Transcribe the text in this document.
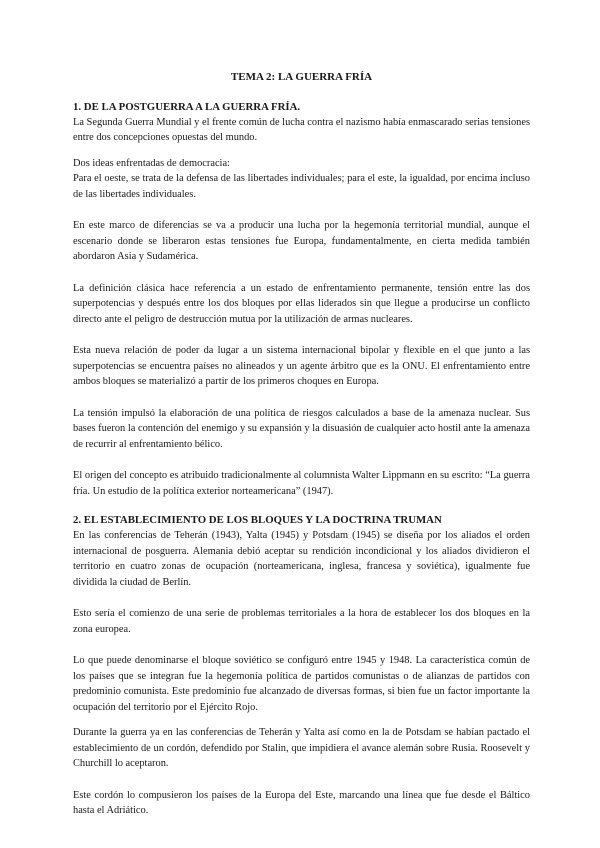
TEMA 2: LA GUERRA FRÍA
1. DE LA POSTGUERRA A LA GUERRA FRÍA.

La Segunda Guerra Mundial y el frente común de lucha contra el nazismo había enmascarado serias tensiones entre dos concepciones opuestas del mundo.

Dos ideas enfrentadas de democracia:

Para el oeste, se trata de la defensa de las libertades individuales; para el este, la igualdad, por encima incluso de las libertades individuales.

En este marco de diferencias se va a producir una lucha por la hegemonía territorial mundial, aunque el escenario donde se liberaron estas tensiones fue Europa, fundamentalmente, en cierta medida también abordaron Asia y Sudamérica.

La definición clásica hace referencia a un estado de enfrentamiento permanente, tensión entre las dos superpotencias y después entre los dos bloques por ellas liderados sin que llegue a producirse un conflicto directo ante el peligro de destrucción mutua por la utilización de armas nucleares.

Esta nueva relación de poder da lugar a un sistema internacional bipolar y flexible en el que junto a las superpotencias se encuentra países no alineados y un agente árbitro que es la ONU. El enfrentamiento entre ambos bloques se materializó a partir de los primeros choques en Europa.

La tensión impulsó la elaboración de una política de riesgos calculados a base de la amenaza nuclear. Sus bases fueron la contención del enemigo y su expansión y la disuasión de cualquier acto hostil ante la amenaza de recurrir al enfrentamiento bélico.

El origen del concepto es atribuido tradicionalmente al columnista Walter Lippmann en su escrito: “La guerra fría. Un estudio de la política exterior norteamericana” (1947).

2. EL ESTABLECIMIENTO DE LOS BLOQUES Y LA DOCTRINA TRUMAN

En las conferencias de Teherán (1943), Yalta (1945) y Potsdam (1945) se diseña por los aliados el orden internacional de posguerra. Alemania debió aceptar su rendición incondicional y los aliados dividieron el territorio en cuatro zonas de ocupación (norteamericana, inglesa, francesa y soviética), igualmente fue dividida la ciudad de Berlín.

Esto sería el comienzo de una serie de problemas territoriales a la hora de establecer los dos bloques en la zona europea.

Lo que puede denominarse el bloque soviético se configuró entre 1945 y 1948. La característica común de los países que se integran fue la hegemonía política de partidos comunistas o de alianzas de partidos con predominio comunista. Este predominio fue alcanzado de diversas formas, si bien fue un factor importante la ocupación del territorio por el Ejército Rojo.

Durante la guerra ya en las conferencias de Teherán y Yalta así como en la de Potsdam se habían pactado el establecimiento de un cordón, defendido por Stalin, que impidiera el avance alemán sobre Rusia. Roosevelt y Churchill lo aceptaron.

Este cordón lo compusieron los países de la Europa del Este, marcando una línea que fue desde el Báltico hasta el Adriático.
